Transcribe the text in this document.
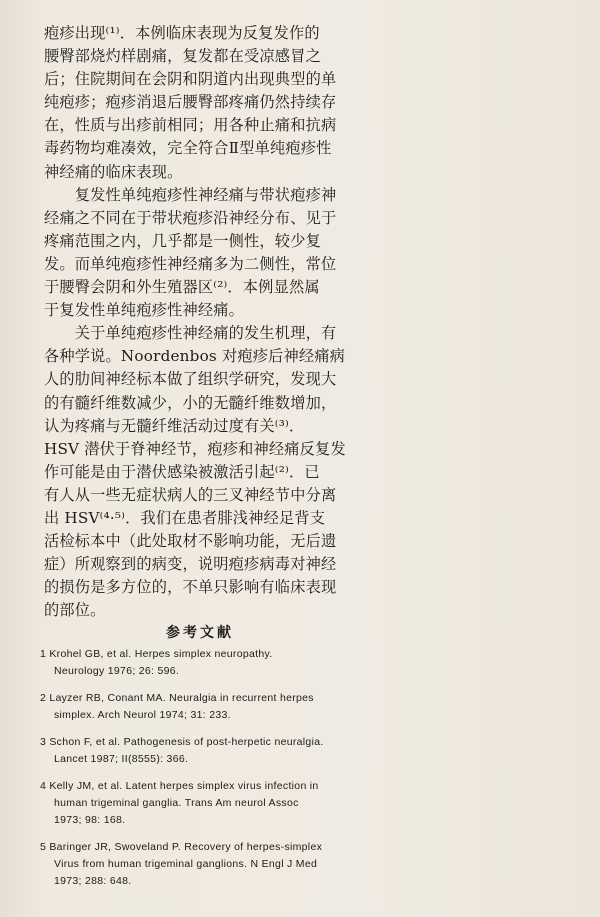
疱疹出现⁽¹⁾．本例临床表现为反复发作的
腰臀部烧灼样剧痛，复发都在受凉感冒之
后；住院期间在会阴和阴道内出现典型的单
纯疱疹；疱疹消退后腰臀部疼痛仍然持续存
在，性质与出疹前相同；用各种止痛和抗病
毒药物均难凑效，完全符合Ⅱ型单纯疱疹性
神经痛的临床表现。
　　复发性单纯疱疹性神经痛与带状疱疹神
经痛之不同在于带状疱疹沿神经分布、见于
疼痛范围之内，几乎都是一侧性，较少复
发。而单纯疱疹性神经痛多为二侧性，常位
于腰臀会阴和外生殖器区⁽²⁾．本例显然属
于复发性单纯疱疹性神经痛。
　　关于单纯疱疹性神经痛的发生机理，有
各种学说。Noordenbos 对疱疹后神经痛病
人的肋间神经标本做了组织学研究，发现大
的有髓纤维数减少，小的无髓纤维数增加，
认为疼痛与无髓纤维活动过度有关⁽³⁾．
HSV 潜伏于脊神经节，疱疹和神经痛反复发
作可能是由于潜伏感染被激活引起⁽²⁾．已
有人从一些无症状病人的三叉神经节中分离
出 HSV⁽⁴·⁵⁾．我们在患者腓浅神经足背支
活检标本中（此处取材不影响功能，无后遗
症）所观察到的病变，说明疱疹病毒对神经
的损伤是多方位的，不单只影响有临床表现
的部位。
参考文献
1 Krohel GB, et al. Herpes simplex neuropathy.
Neurology 1976; 26: 596.
2 Layzer RB, Conant MA. Neuralgia in recurrent herpes
simplex. Arch Neurol 1974; 31: 233.
3 Schon F, et al. Pathogenesis of post-herpetic neuralgia.
Lancet 1987; II(8555): 366.
4 Kelly JM, et al. Latent herpes simplex virus infection in
human trigeminal ganglia. Trans Am neurol Assoc
1973; 98: 168.
5 Baringer JR, Swoveland P. Recovery of herpes-simplex
Virus from human trigeminal ganglions. N Engl J Med
1973; 288: 648.
